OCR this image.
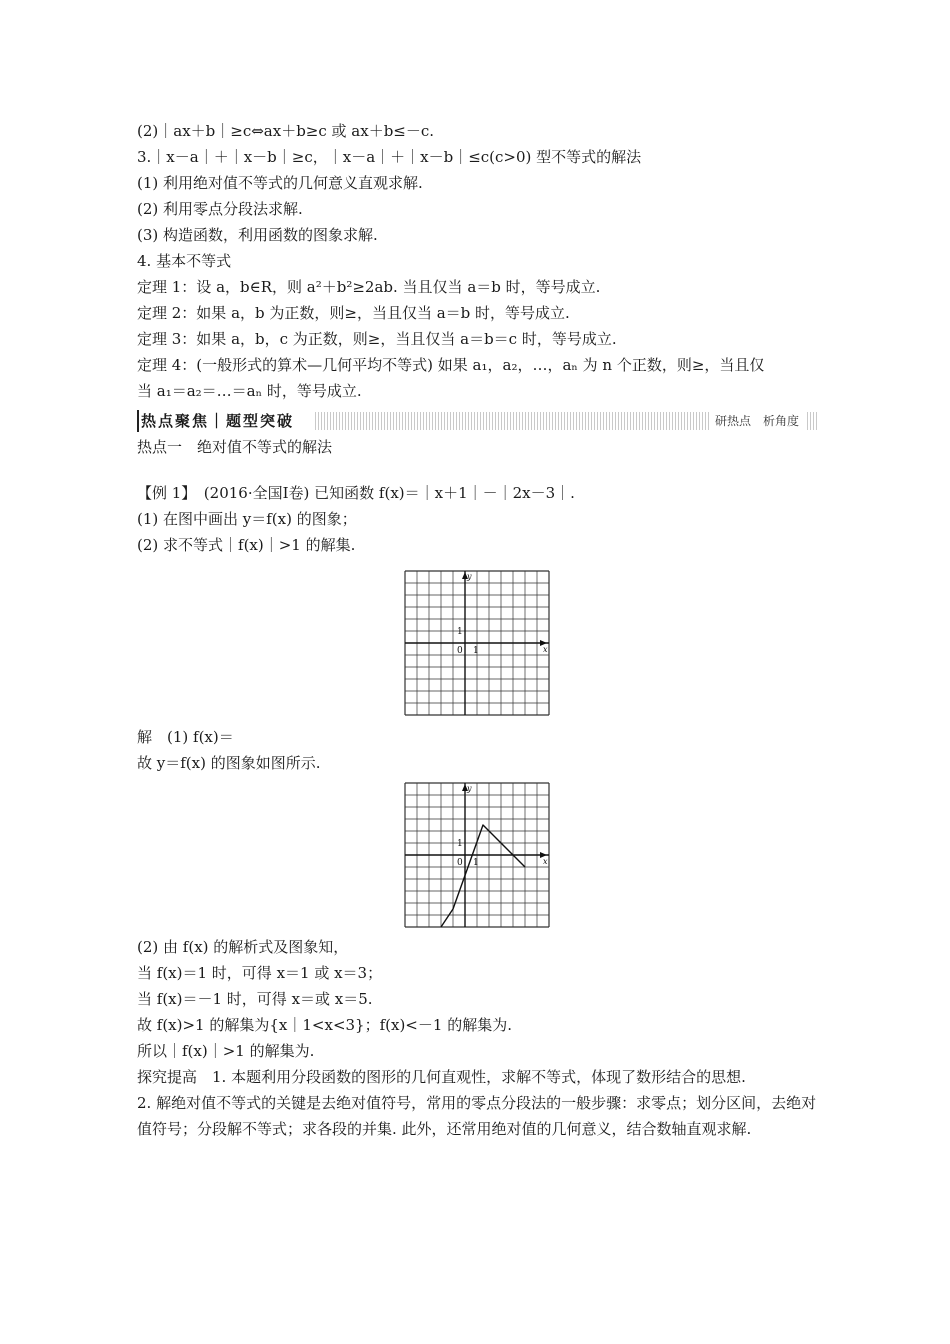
(2)｜ax＋b｜≥c⇔ax＋b≥c 或 ax＋b≤－c.
3.｜x－a｜＋｜x－b｜≥c，｜x－a｜＋｜x－b｜≤c(c>0) 型不等式的解法
(1) 利用绝对值不等式的几何意义直观求解.
(2) 利用零点分段法求解.
(3) 构造函数，利用函数的图象求解.
4. 基本不等式
定理 1：设 a，b∈R，则 a²＋b²≥2ab. 当且仅当 a＝b 时，等号成立.
定理 2：如果 a，b 为正数，则≥，当且仅当 a＝b 时，等号成立.
定理 3：如果 a，b，c 为正数，则≥，当且仅当 a＝b＝c 时，等号成立.
定理 4：(一般形式的算术—几何平均不等式) 如果 a₁，a₂，…，aₙ 为 n 个正数，则≥，当且仅
当 a₁＝a₂＝…＝aₙ 时，等号成立.
热点聚焦｜题型突破	研热点　析角度
热点一　绝对值不等式的解法
【例 1】　(2016·全国Ⅰ卷) 已知函数 f(x)＝｜x＋1｜－｜2x－3｜.
(1) 在图中画出 y＝f(x) 的图象；
(2) 求不等式｜f(x)｜>1 的解集.
x
y
0 1
1
解　(1) f(x)＝
故 y＝f(x) 的图象如图所示.
x
y
0 1
1
(2) 由 f(x) 的解析式及图象知，
当 f(x)＝1 时，可得 x＝1 或 x＝3；
当 f(x)＝－1 时，可得 x＝或 x＝5.
故 f(x)>1 的解集为{x｜1<x<3}；f(x)<－1 的解集为.
所以｜f(x)｜>1 的解集为.
探究提高　1. 本题利用分段函数的图形的几何直观性，求解不等式，体现了数形结合的思想.
2. 解绝对值不等式的关键是去绝对值符号，常用的零点分段法的一般步骤：求零点；划分区间，去绝对值符号；分段解不等式；求各段的并集. 此外，还常用绝对值的几何意义，结合数轴直观求解.
